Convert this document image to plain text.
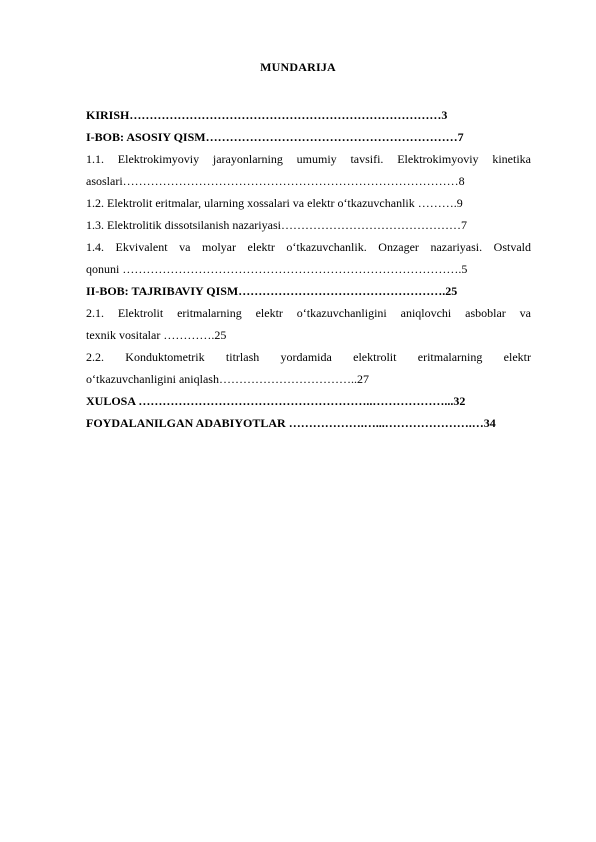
MUNDARIJA

KIRISH……………………………………………………………………3

I-BOB: ASOSIY QISM………………………………………………………7

1.1. Elektrokimyoviy jarayonlarning umumiy tavsifi. Elektrokimyoviy kinetika

asoslari…………………………………………………………………………8

1.2. Elektrolit eritmalar, ularning xossalari va elektr oʻtkazuvchanlik ……….9

1.3. Elektrolitik dissotsilanish nazariyasi………………………………………7

1.4. Ekvivalent va molyar elektr oʻtkazuvchanlik. Onzager nazariyasi. Ostvald

qonuni ………………………………………………………………………….5

II-BOB: TAJRIBAVIY QISM…………………………………………….25

2.1. Elektrolit eritmalarning elektr oʻtkazuvchanligini aniqlovchi asboblar va

texnik vositalar ………….25

2.2. Konduktometrik titrlash yordamida elektrolit eritmalarning elektr

oʻtkazuvchanligini aniqlash……………………………..27

XULOSA …………………………………………………..………………...32

FOYDALANILGAN ADABIYOTLAR ……………….…...………………….…34
